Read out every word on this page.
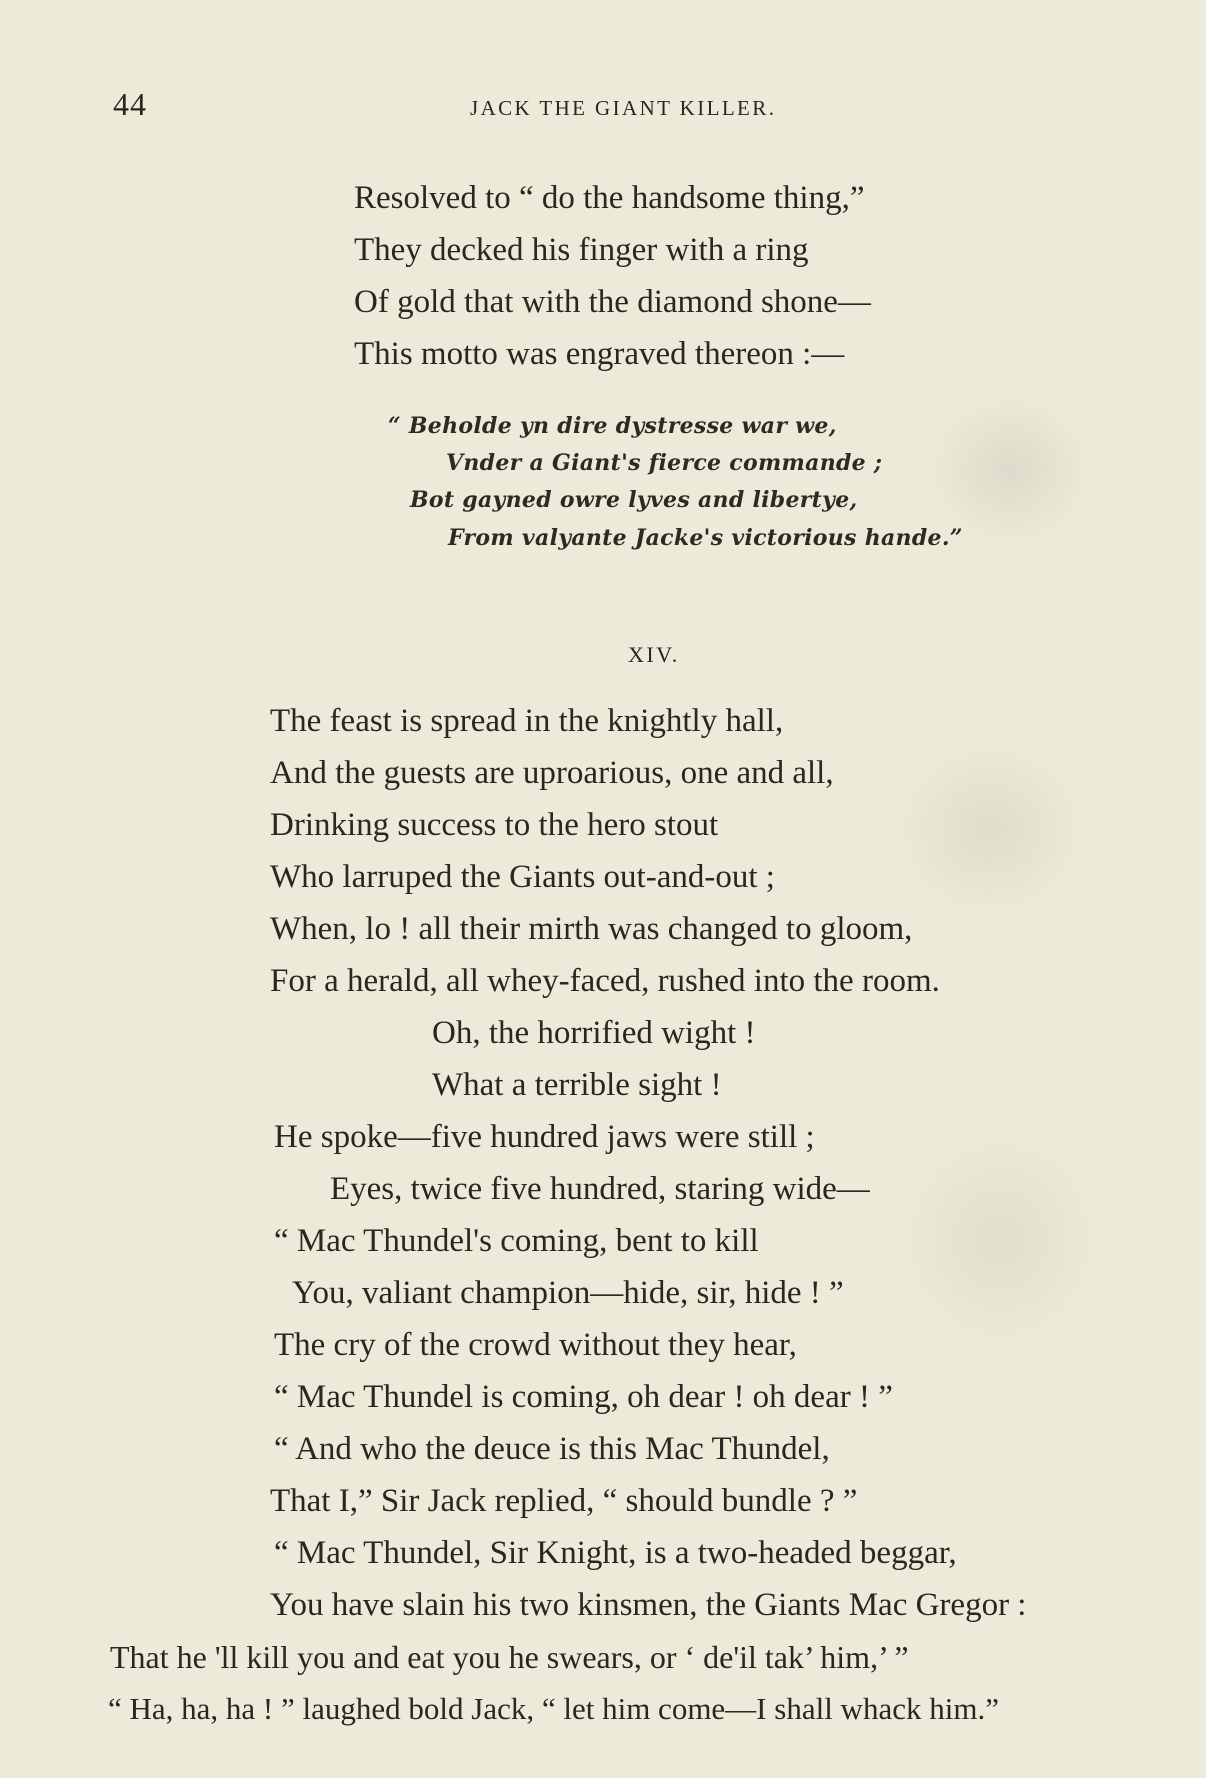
44	JACK THE GIANT KILLER.
Resolved to “ do the handsome thing,”
They decked his finger with a ring
Of gold that with the diamond shone—
This motto was engraved thereon :—
“ Beholde yn dire dystresse war we,
Vnder a Giant's fierce commande ;
Bot gayned owre lyves and libertye,
From valyante Jacke's victorious hande.”
XIV.
The feast is spread in the knightly hall,
And the guests are uproarious, one and all,
Drinking success to the hero stout
Who larruped the Giants out-and-out ;
When, lo ! all their mirth was changed to gloom,
For a herald, all whey-faced, rushed into the room.
Oh, the horrified wight !
What a terrible sight !
He spoke—five hundred jaws were still ;
Eyes, twice five hundred, staring wide—
“ Mac Thundel's coming, bent to kill
You, valiant champion—hide, sir, hide ! ”
The cry of the crowd without they hear,
“ Mac Thundel is coming, oh dear ! oh dear ! ”
“ And who the deuce is this Mac Thundel,
That I,” Sir Jack replied, “ should bundle ? ”
“ Mac Thundel, Sir Knight, is a two-headed beggar,
You have slain his two kinsmen, the Giants Mac Gregor :
That he 'll kill you and eat you he swears, or ‘ de'il tak’ him,’ ”
“ Ha, ha, ha ! ” laughed bold Jack, “ let him come—I shall whack him.”
